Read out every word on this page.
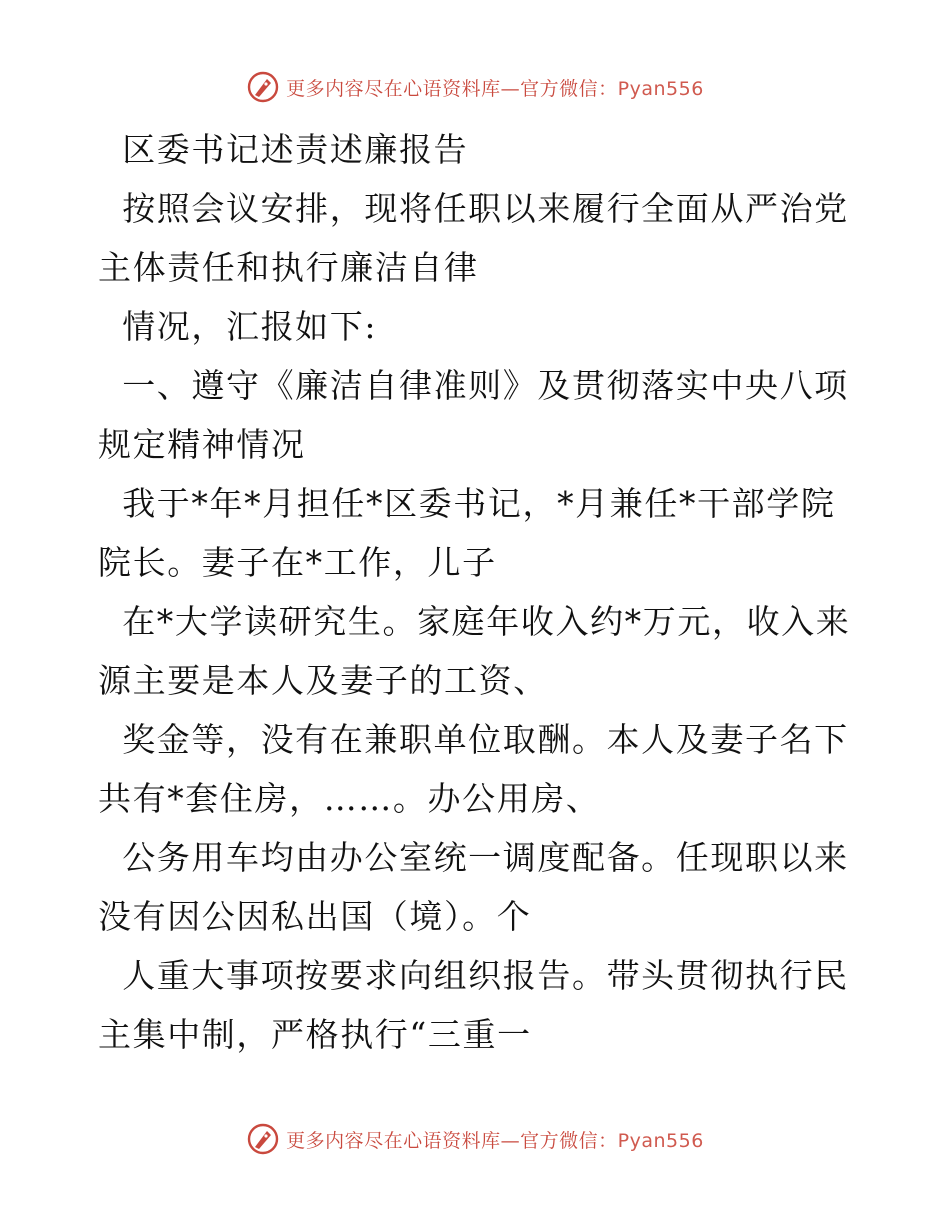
更多内容尽在心语资料库—官方微信：Pyan556

区委书记述责述廉报告

按照会议安排，现将任职以来履行全面从严治党

主体责任和执行廉洁自律

情况，汇报如下:

一、遵守《廉洁自律准则》及贯彻落实中央八项

规定精神情况

我于*年*月担任*区委书记，*月兼任*干部学院

院长。妻子在*工作，儿子

在*大学读研究生。家庭年收入约*万元，收入来

源主要是本人及妻子的工资、

奖金等，没有在兼职单位取酬。本人及妻子名下

共有*套住房，……。办公用房、

公务用车均由办公室统一调度配备。任现职以来

没有因公因私出国（境）。个

人重大事项按要求向组织报告。带头贯彻执行民

主集中制，严格执行“三重一

更多内容尽在心语资料库—官方微信：Pyan556
